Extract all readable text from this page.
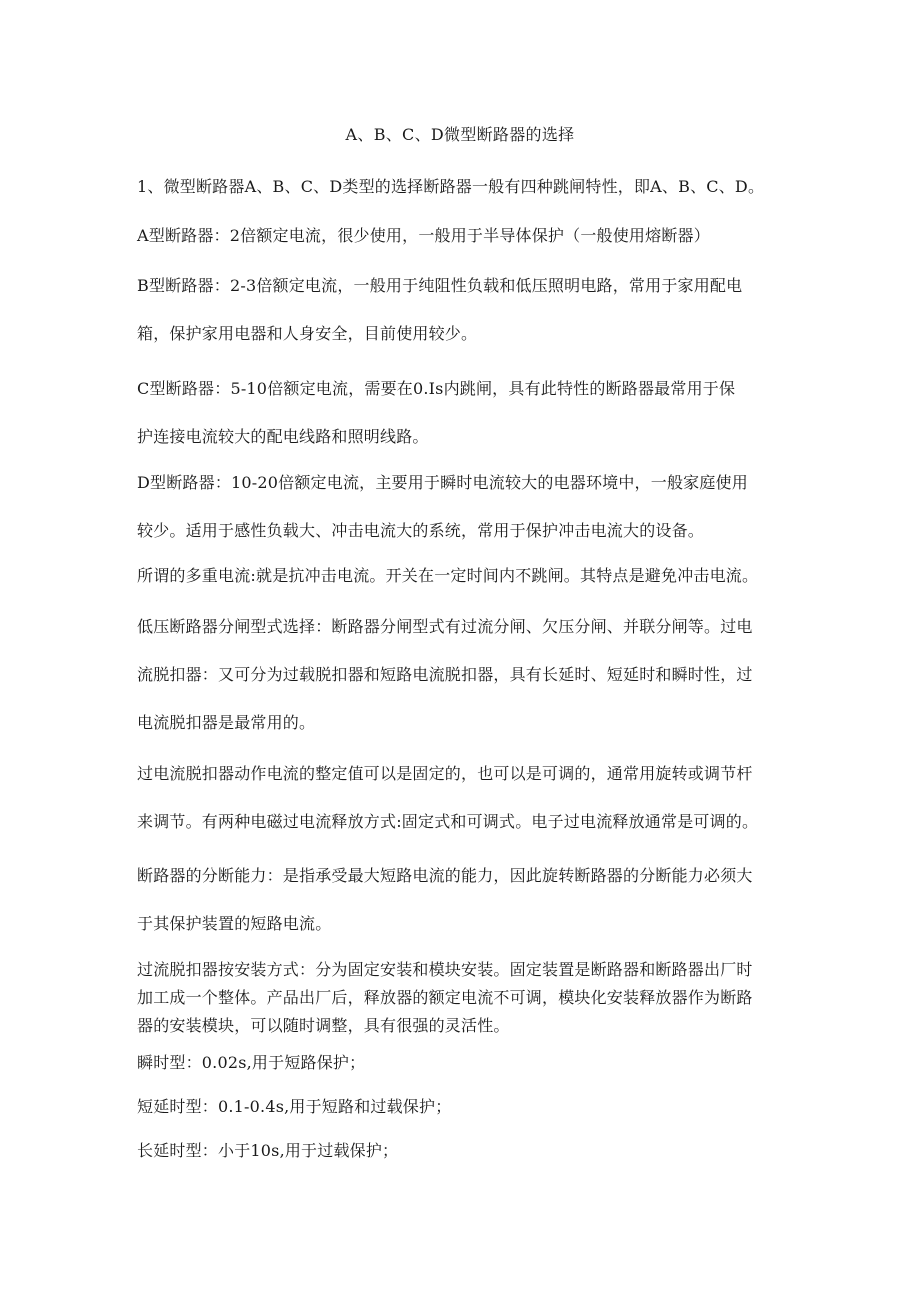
A、B、C、D微型断路器的选择
1、微型断路器A、B、C、D类型的选择断路器一般有四种跳闸特性，即A、B、C、D。
A型断路器：2倍额定电流，很少使用，一般用于半导体保护（一般使用熔断器）
B型断路器：2-3倍额定电流，一般用于纯阻性负载和低压照明电路，常用于家用配电
箱，保护家用电器和人身安全，目前使用较少。
C型断路器：5-10倍额定电流，需要在0.Is内跳闸，具有此特性的断路器最常用于保
护连接电流较大的配电线路和照明线路。
D型断路器：10-20倍额定电流，主要用于瞬时电流较大的电器环境中，一般家庭使用
较少。适用于感性负载大、冲击电流大的系统，常用于保护冲击电流大的设备。
所谓的多重电流:就是抗冲击电流。开关在一定时间内不跳闸。其特点是避免冲击电流。
低压断路器分闸型式选择：断路器分闸型式有过流分闸、欠压分闸、并联分闸等。过电
流脱扣器：又可分为过载脱扣器和短路电流脱扣器，具有长延时、短延时和瞬时性，过
电流脱扣器是最常用的。
过电流脱扣器动作电流的整定值可以是固定的，也可以是可调的，通常用旋转或调节杆
来调节。有两种电磁过电流释放方式:固定式和可调式。电子过电流释放通常是可调的。
断路器的分断能力：是指承受最大短路电流的能力，因此旋转断路器的分断能力必须大
于其保护装置的短路电流。
过流脱扣器按安装方式：分为固定安装和模块安装。固定装置是断路器和断路器出厂时
加工成一个整体。产品出厂后，释放器的额定电流不可调，模块化安装释放器作为断路
器的安装模块，可以随时调整，具有很强的灵活性。
瞬时型：0.02s,用于短路保护；
短延时型：0.1-0.4s,用于短路和过载保护；
长延时型：小于10s,用于过载保护；
